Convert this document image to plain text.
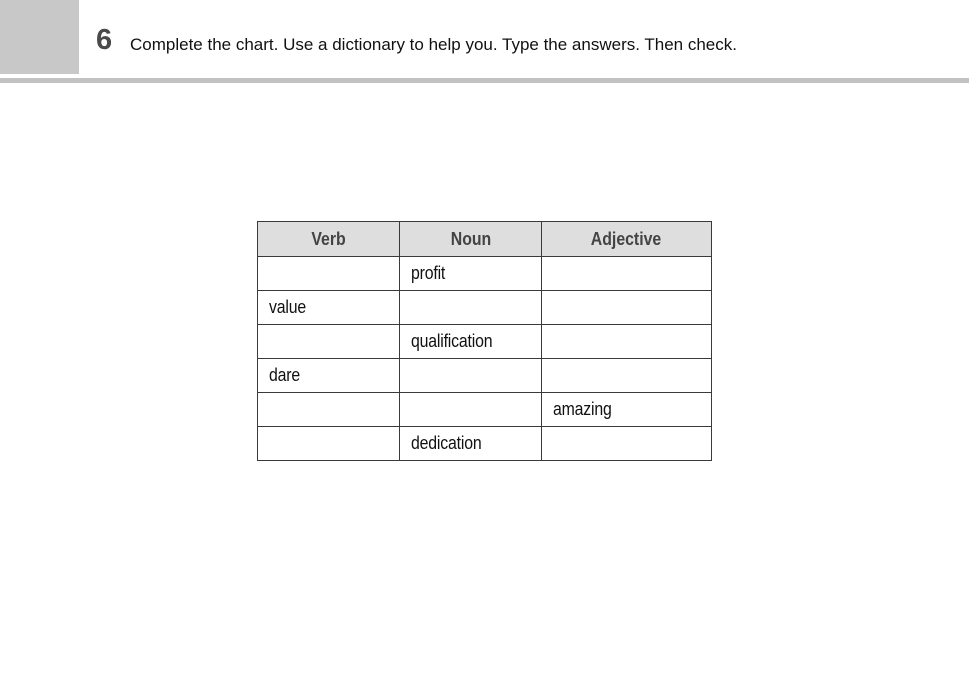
6 Complete the chart. Use a dictionary to help you. Type the answers. Then check.
Verb	Noun	Adjective
	profit	
value		
	qualification	
dare		
		amazing
	dedication	
